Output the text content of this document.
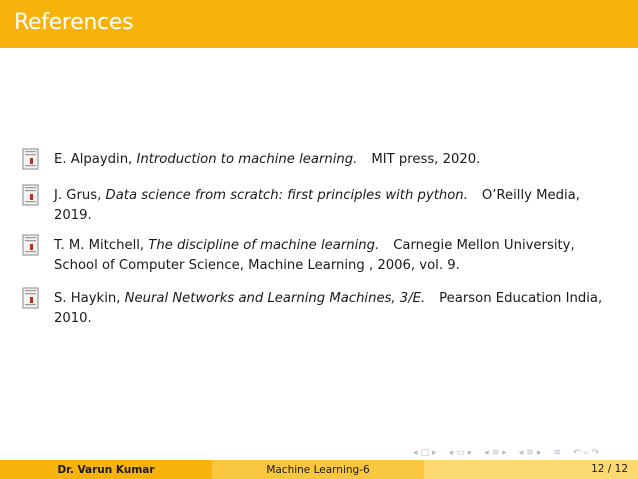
References
E. Alpaydin, Introduction to machine learning. MIT press, 2020.
J. Grus, Data science from scratch: first principles with python. O’Reilly Media, 2019.
T. M. Mitchell, The discipline of machine learning. Carnegie Mellon University, School of Computer Science, Machine Learning , 2006, vol. 9.
S. Haykin, Neural Networks and Learning Machines, 3/E. Pearson Education India, 2010.
◂ □ ▸ ◂ ▭ ▸ ◂ ≡ ▸ ◂ ≡ ▸ ≡ ↶ ⌕ ↷
Dr. Varun Kumar	Machine Learning-6	12 / 12
